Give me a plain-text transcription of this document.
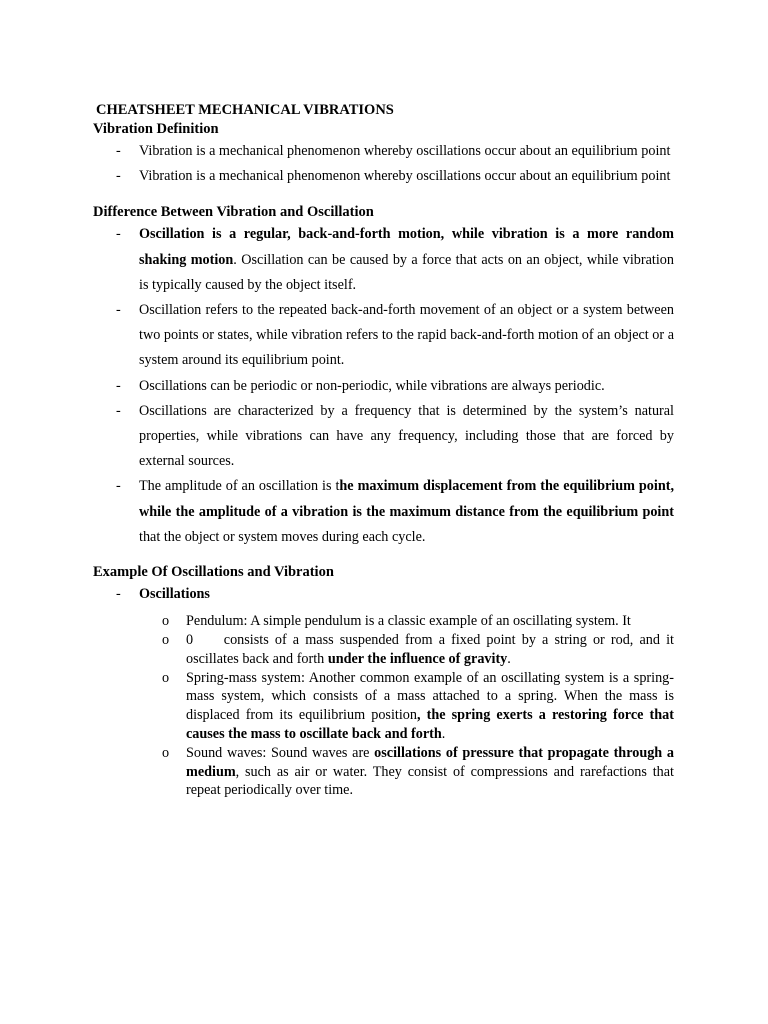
CHEATSHEET MECHANICAL VIBRATIONS
Vibration Definition
- Vibration is a mechanical phenomenon whereby oscillations occur about an equilibrium point
- Vibration is a mechanical phenomenon whereby oscillations occur about an equilibrium point
Difference Between Vibration and Oscillation
- Oscillation is a regular, back-and-forth motion, while vibration is a more random shaking motion. Oscillation can be caused by a force that acts on an object, while vibration is typically caused by the object itself.
- Oscillation refers to the repeated back-and-forth movement of an object or a system between two points or states, while vibration refers to the rapid back-and-forth motion of an object or a system around its equilibrium point.
- Oscillations can be periodic or non-periodic, while vibrations are always periodic.
- Oscillations are characterized by a frequency that is determined by the system’s natural properties, while vibrations can have any frequency, including those that are forced by external sources.
- The amplitude of an oscillation is the maximum displacement from the equilibrium point, while the amplitude of a vibration is the maximum distance from the equilibrium point that the object or system moves during each cycle.
Example Of Oscillations and Vibration
- Oscillations
o Pendulum: A simple pendulum is a classic example of an oscillating system. It
o 0     consists of a mass suspended from a fixed point by a string or rod, and it oscillates back and forth under the influence of gravity.
o Spring-mass system: Another common example of an oscillating system is a spring-mass system, which consists of a mass attached to a spring. When the mass is displaced from its equilibrium position, the spring exerts a restoring force that causes the mass to oscillate back and forth.
o Sound waves: Sound waves are oscillations of pressure that propagate through a medium, such as air or water. They consist of compressions and rarefactions that repeat periodically over time.
